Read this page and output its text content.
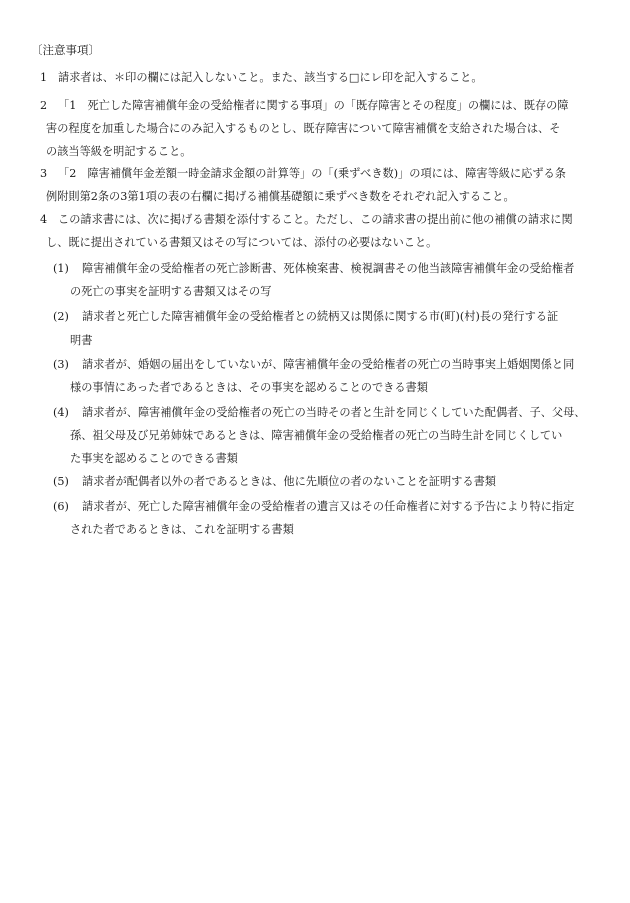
〔注意事項〕
1 請求者は、＊印の欄には記入しないこと。また、該当する□にレ印を記入すること。
2 「1　死亡した障害補償年金の受給権者に関する事項」の「既存障害とその程度」の欄には、既存の障
害の程度を加重した場合にのみ記入するものとし、既存障害について障害補償を支給された場合は、そ
の該当等級を明記すること。
3 「2　障害補償年金差額一時金請求金額の計算等」の「(乗ずべき数)」の項には、障害等級に応ずる条
例附則第2条の3第1項の表の右欄に掲げる補償基礎額に乗ずべき数をそれぞれ記入すること。
4 この請求書には、次に掲げる書類を添付すること。ただし、この請求書の提出前に他の補償の請求に関
し、既に提出されている書類又はその写については、添付の必要はないこと。
(1) 障害補償年金の受給権者の死亡診断書、死体検案書、検視調書その他当該障害補償年金の受給権者
の死亡の事実を証明する書類又はその写
(2) 請求者と死亡した障害補償年金の受給権者との続柄又は関係に関する市(町)(村)長の発行する証
明書
(3) 請求者が、婚姻の届出をしていないが、障害補償年金の受給権者の死亡の当時事実上婚姻関係と同
様の事情にあった者であるときは、その事実を認めることのできる書類
(4) 請求者が、障害補償年金の受給権者の死亡の当時その者と生計を同じくしていた配偶者、子、父母、
孫、祖父母及び兄弟姉妹であるときは、障害補償年金の受給権者の死亡の当時生計を同じくしてい
た事実を認めることのできる書類
(5) 請求者が配偶者以外の者であるときは、他に先順位の者のないことを証明する書類
(6) 請求者が、死亡した障害補償年金の受給権者の遺言又はその任命権者に対する予告により特に指定
された者であるときは、これを証明する書類
